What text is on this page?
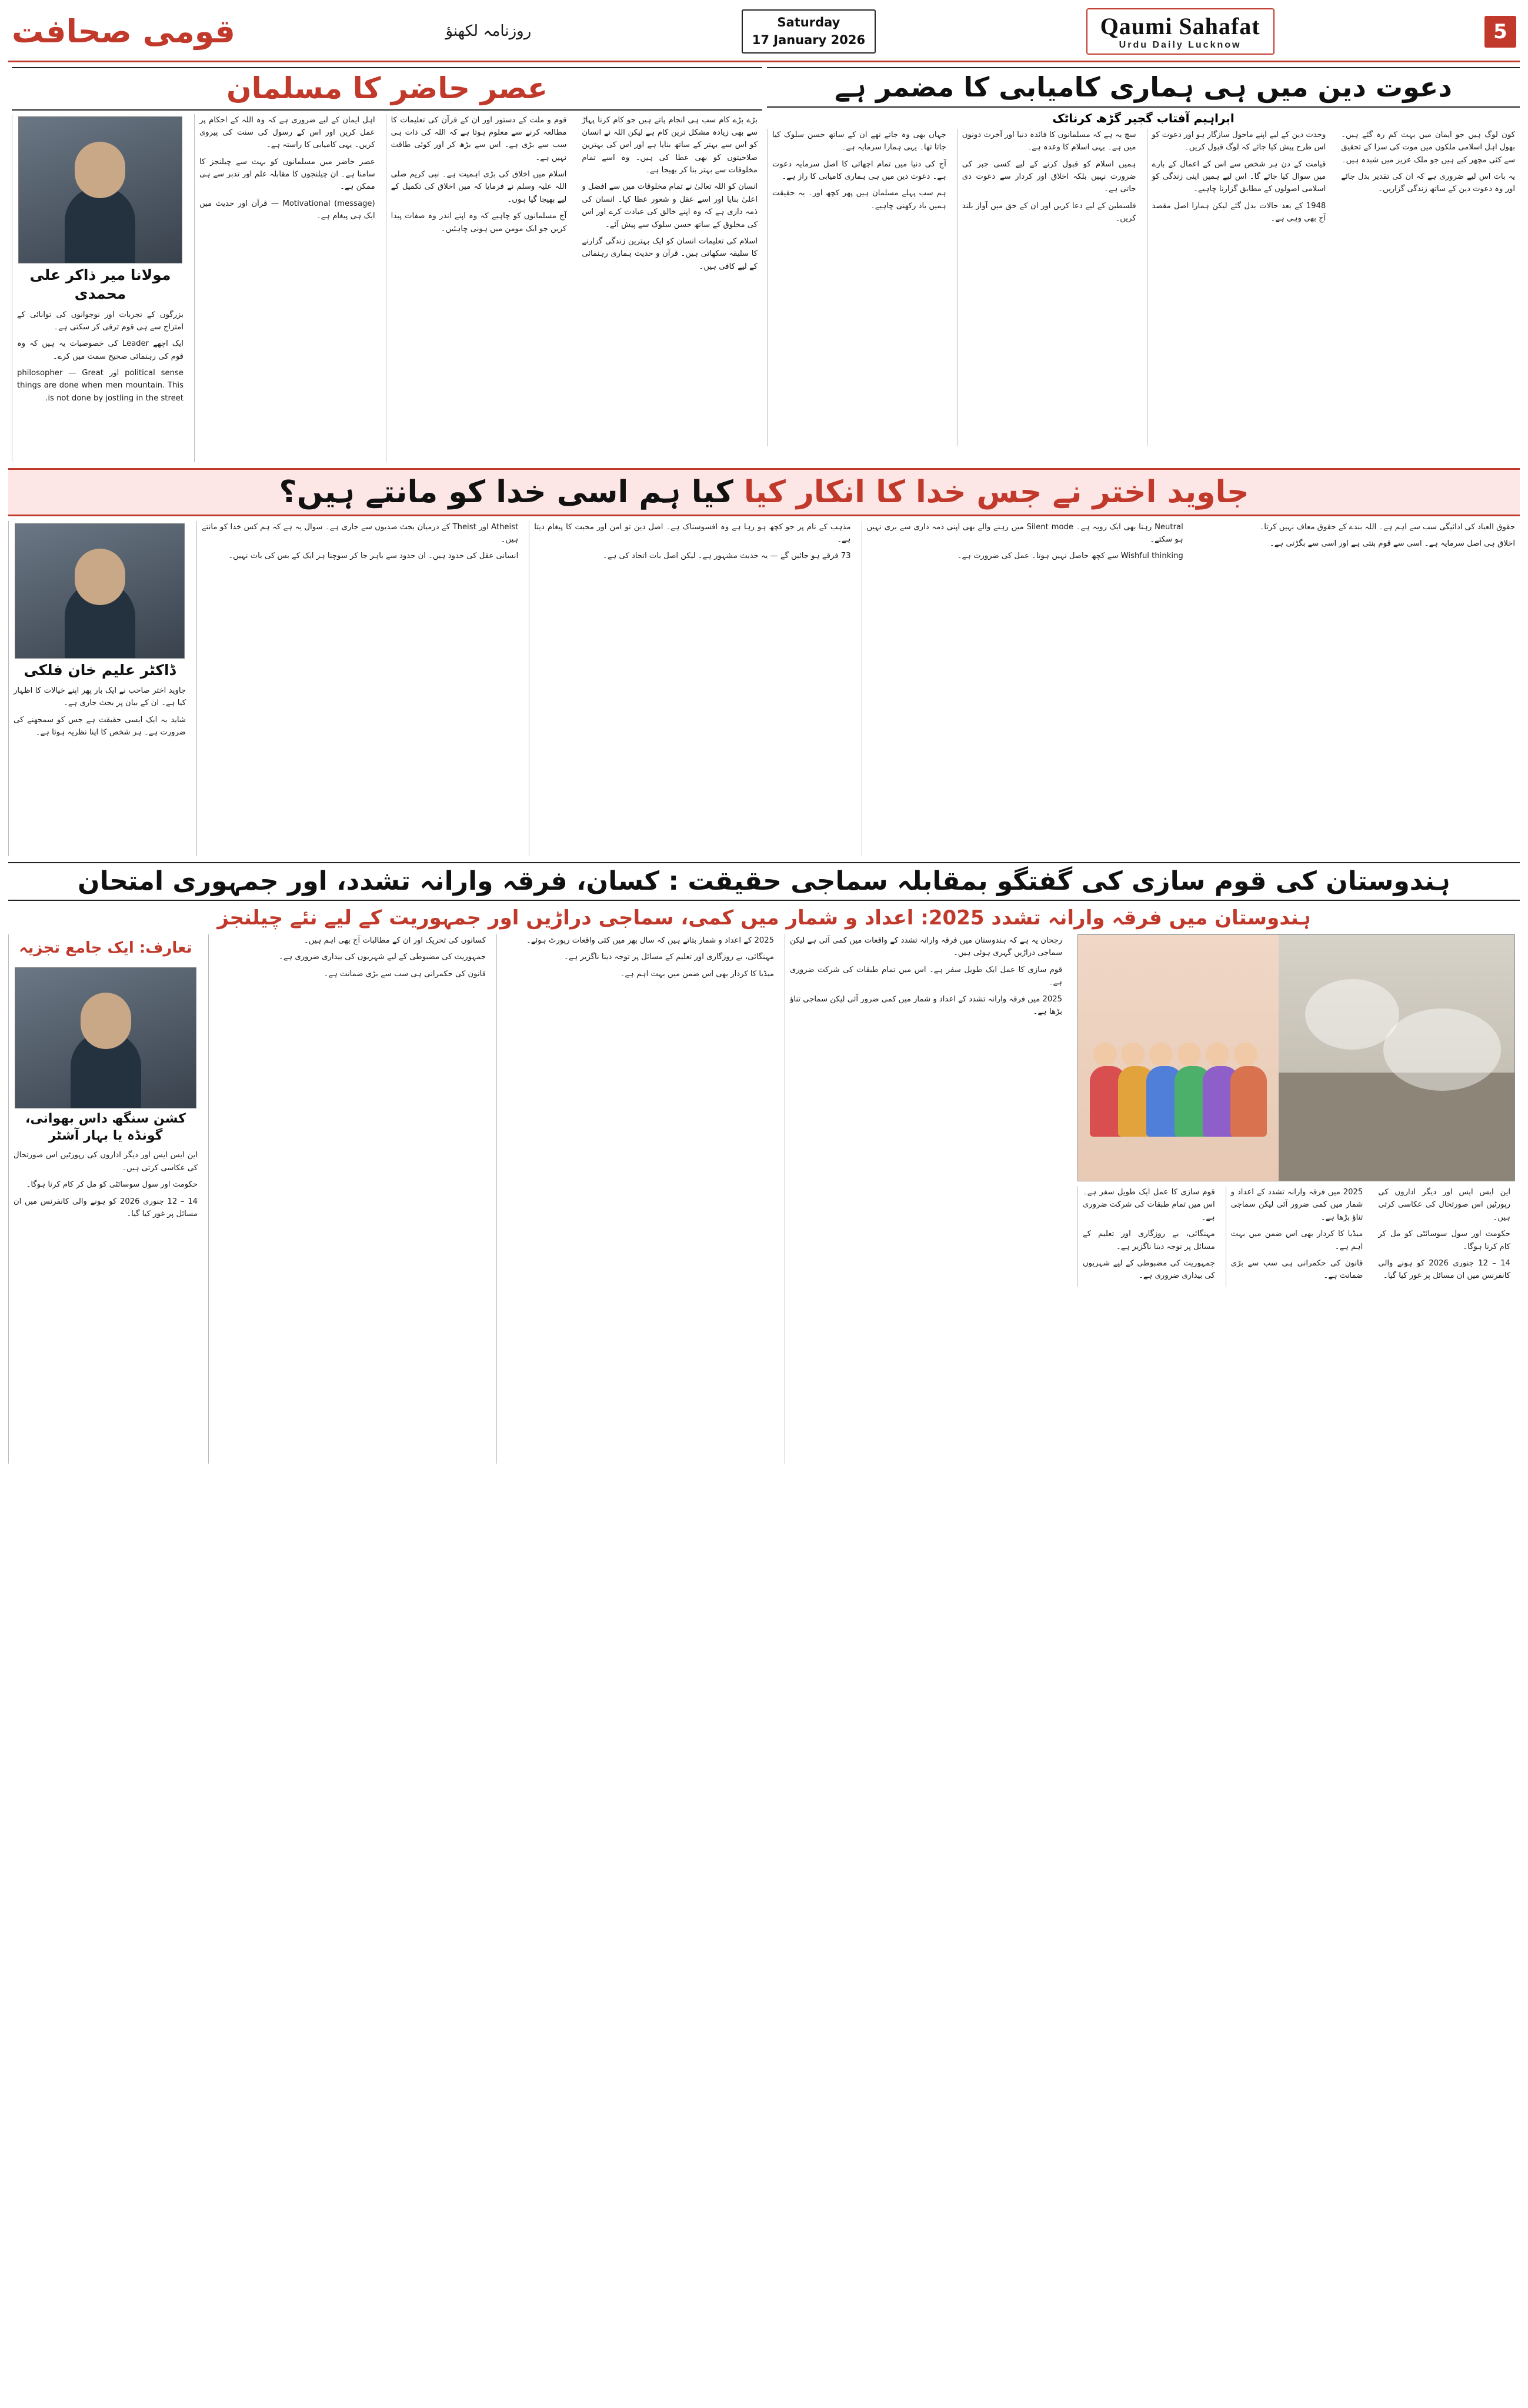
قومی صحافت	روزنامہ لکھنؤ	Saturday
17 January 2026
Qaumi Sahafat
Urdu Daily Lucknow
5
دعوت دین میں ہی ہماری کامیابی کا مضمر ہے
ابراہیم آفتاب گجیر گڑھ کرناٹک

کون لوگ ہیں جو ایمان میں بہت کم رہ گئے ہیں۔ بھول اہل اسلامی ملکوں میں موت کی سزا کے تحقیق سے کئی مچھر کیے ہیں جو ملک عزیز میں شیدہ ہیں۔

یہ بات اس لیے ضروری ہے کہ ان کی تقدیر بدل جائے اور وہ دعوت دین کے ساتھ زندگی گزاریں۔

وحدت دین کے لیے اپنے ماحول سازگار ہو اور دعوت کو اس طرح پیش کیا جائے کہ لوگ قبول کریں۔

قیامت کے دن ہر شخص سے اس کے اعمال کے بارے میں سوال کیا جائے گا۔ اس لیے ہمیں اپنی زندگی کو اسلامی اصولوں کے مطابق گزارنا چاہیے۔

1948 کے بعد حالات بدل گئے لیکن ہمارا اصل مقصد آج بھی وہی ہے۔

سچ یہ ہے کہ مسلمانوں کا فائدہ دنیا اور آخرت دونوں میں ہے۔ یہی اسلام کا وعدہ ہے۔

ہمیں اسلام کو قبول کرنے کے لیے کسی جبر کی ضرورت نہیں بلکہ اخلاق اور کردار سے دعوت دی جاتی ہے۔

فلسطین کے لیے دعا کریں اور ان کے حق میں آواز بلند کریں۔

جہاں بھی وہ جاتے تھے ان کے ساتھ حسن سلوک کیا جاتا تھا۔ یہی ہمارا سرمایہ ہے۔

آج کی دنیا میں تمام اچھائی کا اصل سرمایہ دعوت ہے۔ دعوت دین میں ہی ہماری کامیابی کا راز ہے۔

ہم سب پہلے مسلمان ہیں پھر کچھ اور۔ یہ حقیقت ہمیں یاد رکھنی چاہیے۔

عصر حاضر کا مسلمان

بڑے بڑے کام سب ہی انجام پاتے ہیں جو کام کرنا پہاڑ سے بھی زیادہ مشکل ترین کام ہے لیکن اللہ نے انسان کو اس سے بہتر کے ساتھ بنایا ہے اور اس کی بہترین صلاحیتوں کو بھی عطا کی ہیں۔ وہ اسے تمام مخلوقات سے بہتر بنا کر بھیجا ہے۔

انسان کو اللہ تعالیٰ نے تمام مخلوقات میں سے افضل و اعلیٰ بنایا اور اسے عقل و شعور عطا کیا۔ انسان کی ذمہ داری ہے کہ وہ اپنے خالق کی عبادت کرے اور اس کی مخلوق کے ساتھ حسن سلوک سے پیش آئے۔

اسلام کی تعلیمات انسان کو ایک بہترین زندگی گزارنے کا سلیقہ سکھاتی ہیں۔ قرآن و حدیث ہماری رہنمائی کے لیے کافی ہیں۔

قوم و ملت کے دستور اور ان کے قرآن کی تعلیمات کا مطالعہ کرنے سے معلوم ہوتا ہے کہ اللہ کی ذات ہی سب سے بڑی ہے۔ اس سے بڑھ کر اور کوئی طاقت نہیں ہے۔

اسلام میں اخلاق کی بڑی اہمیت ہے۔ نبی کریم صلی اللہ علیہ وسلم نے فرمایا کہ میں اخلاق کی تکمیل کے لیے بھیجا گیا ہوں۔

آج مسلمانوں کو چاہیے کہ وہ اپنے اندر وہ صفات پیدا کریں جو ایک مومن میں ہونی چاہئیں۔

اہل ایمان کے لیے ضروری ہے کہ وہ اللہ کے احکام پر عمل کریں اور اس کے رسول کی سنت کی پیروی کریں۔ یہی کامیابی کا راستہ ہے۔

عصر حاضر میں مسلمانوں کو بہت سے چیلنجز کا سامنا ہے۔ ان چیلنجوں کا مقابلہ علم اور تدبر سے ہی ممکن ہے۔

Motivational (message) — قرآن اور حدیث میں ایک ہی پیغام ہے۔

مولانا میر ذاکر علی محمدی

بزرگوں کے تجربات اور نوجوانوں کی توانائی کے امتزاج سے ہی قوم ترقی کر سکتی ہے۔

ایک اچھے Leader کی خصوصیات یہ ہیں کہ وہ قوم کی رہنمائی صحیح سمت میں کرے۔

political sense اور philosopher — Great things are done when men mountain. This is not done by jostling in the street.

جاوید اختر نے جس خدا کا انکار کیا کیا ہم اسی خدا کو مانتے ہیں؟

حقوق العباد کی ادائیگی سب سے اہم ہے۔ اللہ بندے کے حقوق معاف نہیں کرتا۔

اخلاق ہی اصل سرمایہ ہے۔ اسی سے قوم بنتی ہے اور اسی سے بگڑتی ہے۔

Neutral رہنا بھی ایک رویہ ہے۔ Silent mode میں رہنے والے بھی اپنی ذمہ داری سے بری نہیں ہو سکتے۔

Wishful thinking سے کچھ حاصل نہیں ہوتا۔ عمل کی ضرورت ہے۔

مذہب کے نام پر جو کچھ ہو رہا ہے وہ افسوسناک ہے۔ اصل دین تو امن اور محبت کا پیغام دیتا ہے۔

73 فرقے ہو جائیں گے — یہ حدیث مشہور ہے۔ لیکن اصل بات اتحاد کی ہے۔

Atheist اور Theist کے درمیان بحث صدیوں سے جاری ہے۔ سوال یہ ہے کہ ہم کس خدا کو مانتے ہیں۔

انسانی عقل کی حدود ہیں۔ ان حدود سے باہر جا کر سوچنا ہر ایک کے بس کی بات نہیں۔

ڈاکٹر علیم خان فلکی

جاوید اختر صاحب نے ایک بار پھر اپنے خیالات کا اظہار کیا ہے۔ ان کے بیان پر بحث جاری ہے۔

شاید یہ ایک ایسی حقیقت ہے جس کو سمجھنے کی ضرورت ہے۔ ہر شخص کا اپنا نظریہ ہوتا ہے۔

ہندوستان کی قوم سازی کی گفتگو بمقابلہ سماجی حقیقت : کسان، فرقہ وارانہ تشدد، اور جمہوری امتحان
ہندوستان میں فرقہ وارانہ تشدد 2025: اعداد و شمار میں کمی، سماجی دراڑیں اور جمہوریت کے لیے نئے چیلنجز

این ایس ایس اور دیگر اداروں کی رپورٹیں اس صورتحال کی عکاسی کرتی ہیں۔

حکومت اور سول سوسائٹی کو مل کر کام کرنا ہوگا۔

14 – 12 جنوری 2026 کو ہونے والی کانفرنس میں ان مسائل پر غور کیا گیا۔

2025 میں فرقہ وارانہ تشدد کے اعداد و شمار میں کمی ضرور آئی لیکن سماجی تناؤ بڑھا ہے۔

میڈیا کا کردار بھی اس ضمن میں بہت اہم ہے۔

قانون کی حکمرانی ہی سب سے بڑی ضمانت ہے۔

قوم سازی کا عمل ایک طویل سفر ہے۔ اس میں تمام طبقات کی شرکت ضروری ہے۔

مہنگائی، بے روزگاری اور تعلیم کے مسائل پر توجہ دینا ناگزیر ہے۔

جمہوریت کی مضبوطی کے لیے شہریوں کی بیداری ضروری ہے۔

رجحان یہ ہے کہ ہندوستان میں فرقہ وارانہ تشدد کے واقعات میں کمی آئی ہے لیکن سماجی دراڑیں گہری ہوئی ہیں۔

قوم سازی کا عمل ایک طویل سفر ہے۔ اس میں تمام طبقات کی شرکت ضروری ہے۔

2025 میں فرقہ وارانہ تشدد کے اعداد و شمار میں کمی ضرور آئی لیکن سماجی تناؤ بڑھا ہے۔

2025 کے اعداد و شمار بتاتے ہیں کہ سال بھر میں کئی واقعات رپورٹ ہوئے۔

مہنگائی، بے روزگاری اور تعلیم کے مسائل پر توجہ دینا ناگزیر ہے۔

میڈیا کا کردار بھی اس ضمن میں بہت اہم ہے۔

کسانوں کی تحریک اور ان کے مطالبات آج بھی اہم ہیں۔

جمہوریت کی مضبوطی کے لیے شہریوں کی بیداری ضروری ہے۔

قانون کی حکمرانی ہی سب سے بڑی ضمانت ہے۔

تعارف: ایک جامع تجزیہ
کشن سنگھ داس بھوانی، گونڈہ یا بہار آشٹر

این ایس ایس اور دیگر اداروں کی رپورٹیں اس صورتحال کی عکاسی کرتی ہیں۔

حکومت اور سول سوسائٹی کو مل کر کام کرنا ہوگا۔

14 – 12 جنوری 2026 کو ہونے والی کانفرنس میں ان مسائل پر غور کیا گیا۔
